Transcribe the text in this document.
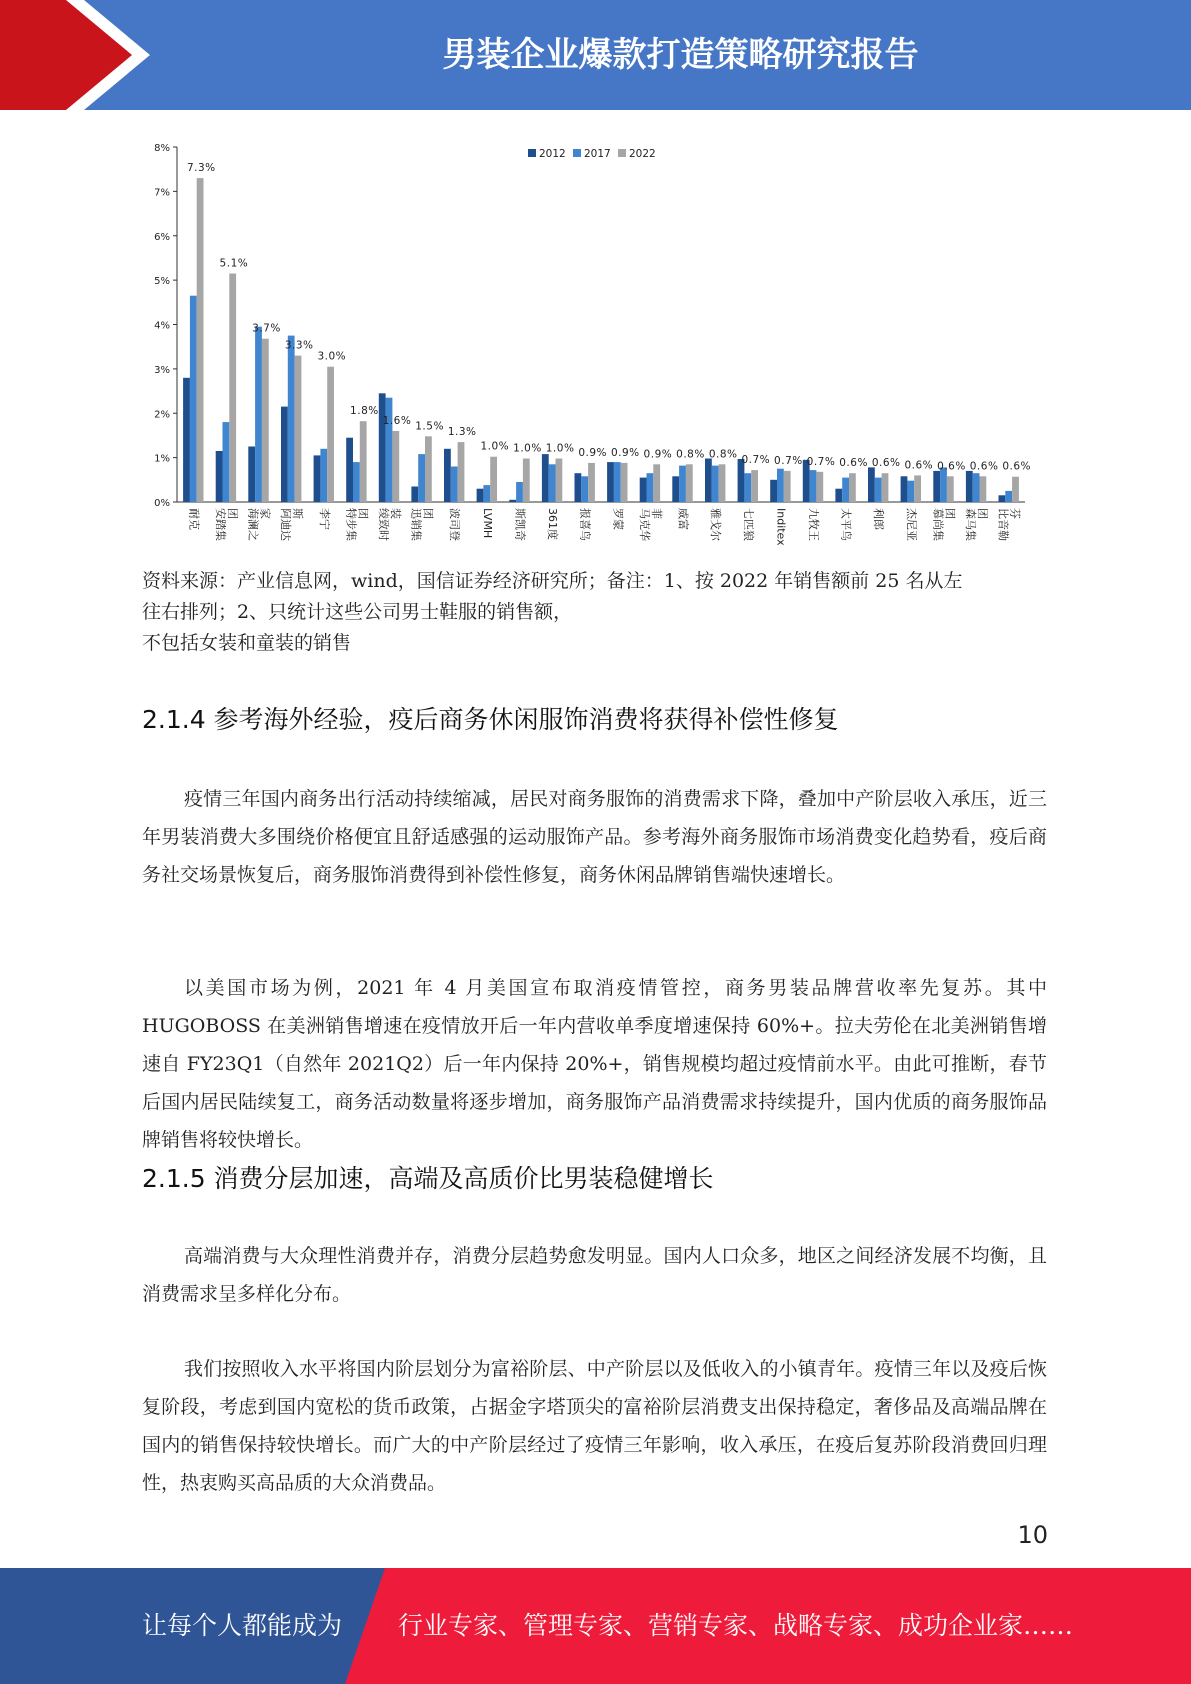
男装企业爆款打造策略研究报告
0%
1%
2%
3%
4%
5%
6%
7%
8%
7.3%
5.1%
3.7%
3.3%
3.0%
1.8%
1.6% 1.5% 1.3%
1.0% 1.0% 1.0% 0.9% 0.9% 0.9% 0.8% 0.8% 0.7% 0.7% 0.7% 0.6% 0.6% 0.6% 0.6% 0.6% 0.6%
耐克 安踏集 团 海澜之 家 阿迪达 斯 李宁 特步集 团 绫致时 装 迅销集 团 波司登 LVMH 斯凯奇 361度 报喜鸟 罗蒙 马克华 菲 威富 雅戈尔 七匹狼 Inditex 九牧王 太平鸟 利郎 杰尼亚 慕尚集 团 森马集 团 比音勒 芬
2012 2017 2022
资料来源：产业信息网，wind，国信证券经济研究所；备注：1、按 2022 年销售额前 25 名从左
往右排列；2、只统计这些公司男士鞋服的销售额，
不包括女装和童装的销售
2.1.4 参考海外经验，疫后商务休闲服饰消费将获得补偿性修复
疫情三年国内商务出行活动持续缩减，居民对商务服饰的消费需求下降，叠加中产阶层收入承压，近三年男装消费大多围绕价格便宜且舒适感强的运动服饰产品。参考海外商务服饰市场消费变化趋势看，疫后商务社交场景恢复后，商务服饰消费得到补偿性修复，商务休闲品牌销售端快速增长。
以美国市场为例，2021 年 4 月美国宣布取消疫情管控，商务男装品牌营收率先复苏。其中 HUGOBOSS 在美洲销售增速在疫情放开后一年内营收单季度增速保持 60%+。拉夫劳伦在北美洲销售增速自 FY23Q1（自然年 2021Q2）后一年内保持 20%+，销售规模均超过疫情前水平。由此可推断，春节后国内居民陆续复工，商务活动数量将逐步增加，商务服饰产品消费需求持续提升，国内优质的商务服饰品牌销售将较快增长。
2.1.5 消费分层加速，高端及高质价比男装稳健增长
高端消费与大众理性消费并存，消费分层趋势愈发明显。国内人口众多，地区之间经济发展不均衡，且消费需求呈多样化分布。
我们按照收入水平将国内阶层划分为富裕阶层、中产阶层以及低收入的小镇青年。疫情三年以及疫后恢复阶段，考虑到国内宽松的货币政策，占据金字塔顶尖的富裕阶层消费支出保持稳定，奢侈品及高端品牌在国内的销售保持较快增长。而广大的中产阶层经过了疫情三年影响，收入承压，在疫后复苏阶段消费回归理性，热衷购买高品质的大众消费品。
10
让每个人都能成为 行业专家、管理专家、营销专家、战略专家、成功企业家……
